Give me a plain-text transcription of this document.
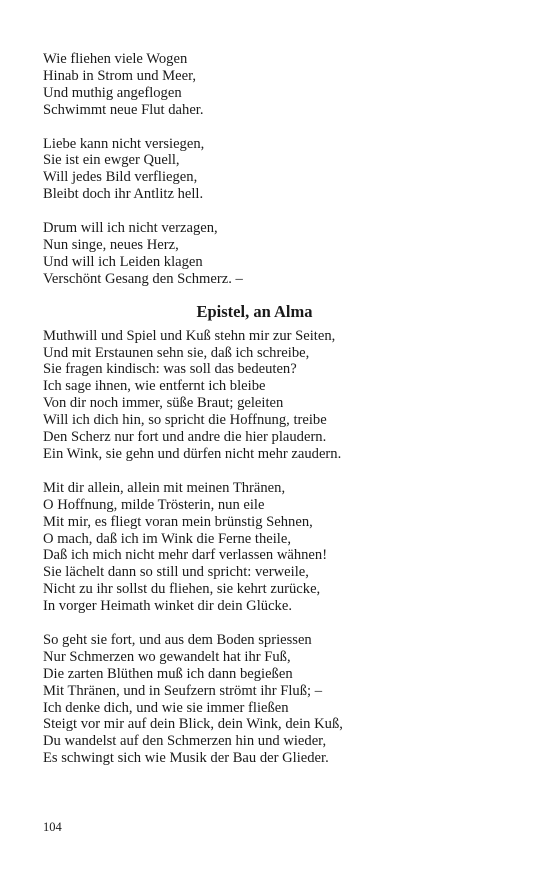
Wie fliehen viele Wogen
Hinab in Strom und Meer,
Und muthig angeflogen
Schwimmt neue Flut daher.
Liebe kann nicht versiegen,
Sie ist ein ewger Quell,
Will jedes Bild verfliegen,
Bleibt doch ihr Antlitz hell.
Drum will ich nicht verzagen,
Nun singe, neues Herz,
Und will ich Leiden klagen
Verschönt Gesang den Schmerz. –
Epistel, an Alma
Muthwill und Spiel und Kuß stehn mir zur Seiten,
Und mit Erstaunen sehn sie, daß ich schreibe,
Sie fragen kindisch: was soll das bedeuten?
Ich sage ihnen, wie entfernt ich bleibe
Von dir noch immer, süße Braut; geleiten
Will ich dich hin, so spricht die Hoffnung, treibe
Den Scherz nur fort und andre die hier plaudern.
Ein Wink, sie gehn und dürfen nicht mehr zaudern.
Mit dir allein, allein mit meinen Thränen,
O Hoffnung, milde Trösterin, nun eile
Mit mir, es fliegt voran mein brünstig Sehnen,
O mach, daß ich im Wink die Ferne theile,
Daß ich mich nicht mehr darf verlassen wähnen!
Sie lächelt dann so still und spricht: verweile,
Nicht zu ihr sollst du fliehen, sie kehrt zurücke,
In vorger Heimath winket dir dein Glücke.
So geht sie fort, und aus dem Boden spriessen
Nur Schmerzen wo gewandelt hat ihr Fuß,
Die zarten Blüthen muß ich dann begießen
Mit Thränen, und in Seufzern strömt ihr Fluß; –
Ich denke dich, und wie sie immer fließen
Steigt vor mir auf dein Blick, dein Wink, dein Kuß,
Du wandelst auf den Schmerzen hin und wieder,
Es schwingt sich wie Musik der Bau der Glieder.
104
